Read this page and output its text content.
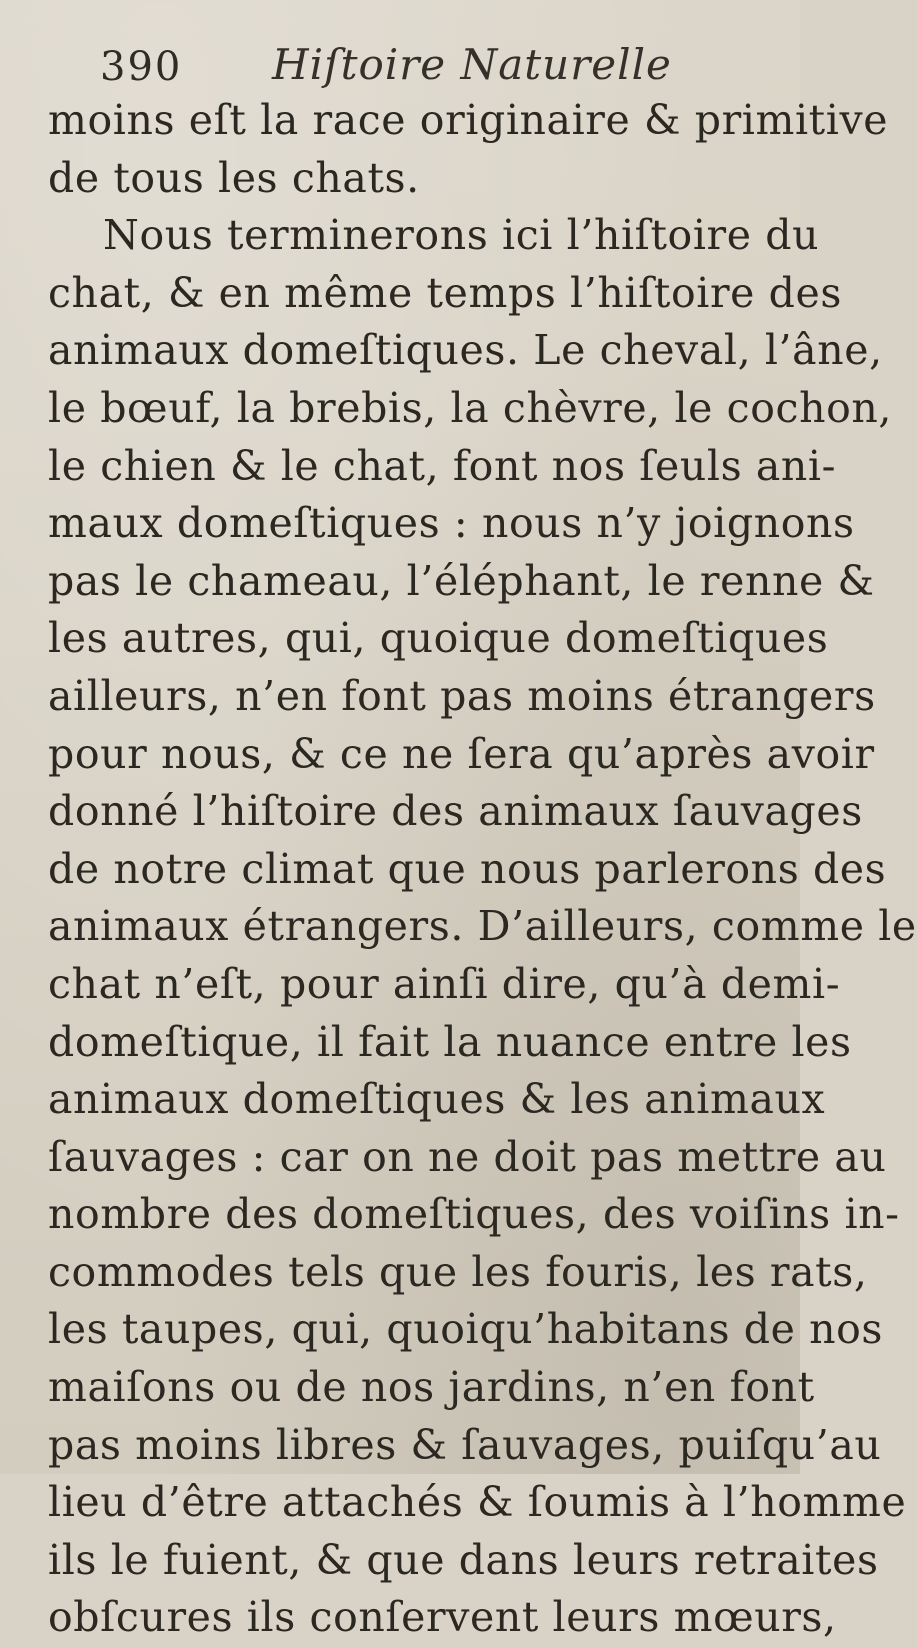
390 Hiſtoire Naturelle
moins eſt la race originaire & primitive
de tous les chats.
Nous terminerons ici l’hiſtoire du
chat, & en même temps l’hiſtoire des
animaux domeſtiques. Le cheval, l’âne,
le bœuf, la brebis, la chèvre, le cochon,
le chien & le chat, font nos ſeuls ani-
maux domeſtiques : nous n’y joignons
pas le chameau, l’éléphant, le renne &
les autres, qui, quoique domeſtiques
ailleurs, n’en font pas moins étrangers
pour nous, & ce ne ſera qu’après avoir
donné l’hiſtoire des animaux ſauvages
de notre climat que nous parlerons des
animaux étrangers. D’ailleurs, comme le
chat n’eſt, pour ainſi dire, qu’à demi-
domeſtique, il fait la nuance entre les
animaux domeſtiques & les animaux
ſauvages : car on ne doit pas mettre au
nombre des domeſtiques, des voiſins in-
commodes tels que les fouris, les rats,
les taupes, qui, quoiqu’habitans de nos
maiſons ou de nos jardins, n’en font
pas moins libres & ſauvages, puiſqu’au
lieu d’être attachés & ſoumis à l’homme
ils le fuient, & que dans leurs retraites
obſcures ils conſervent leurs mœurs,
